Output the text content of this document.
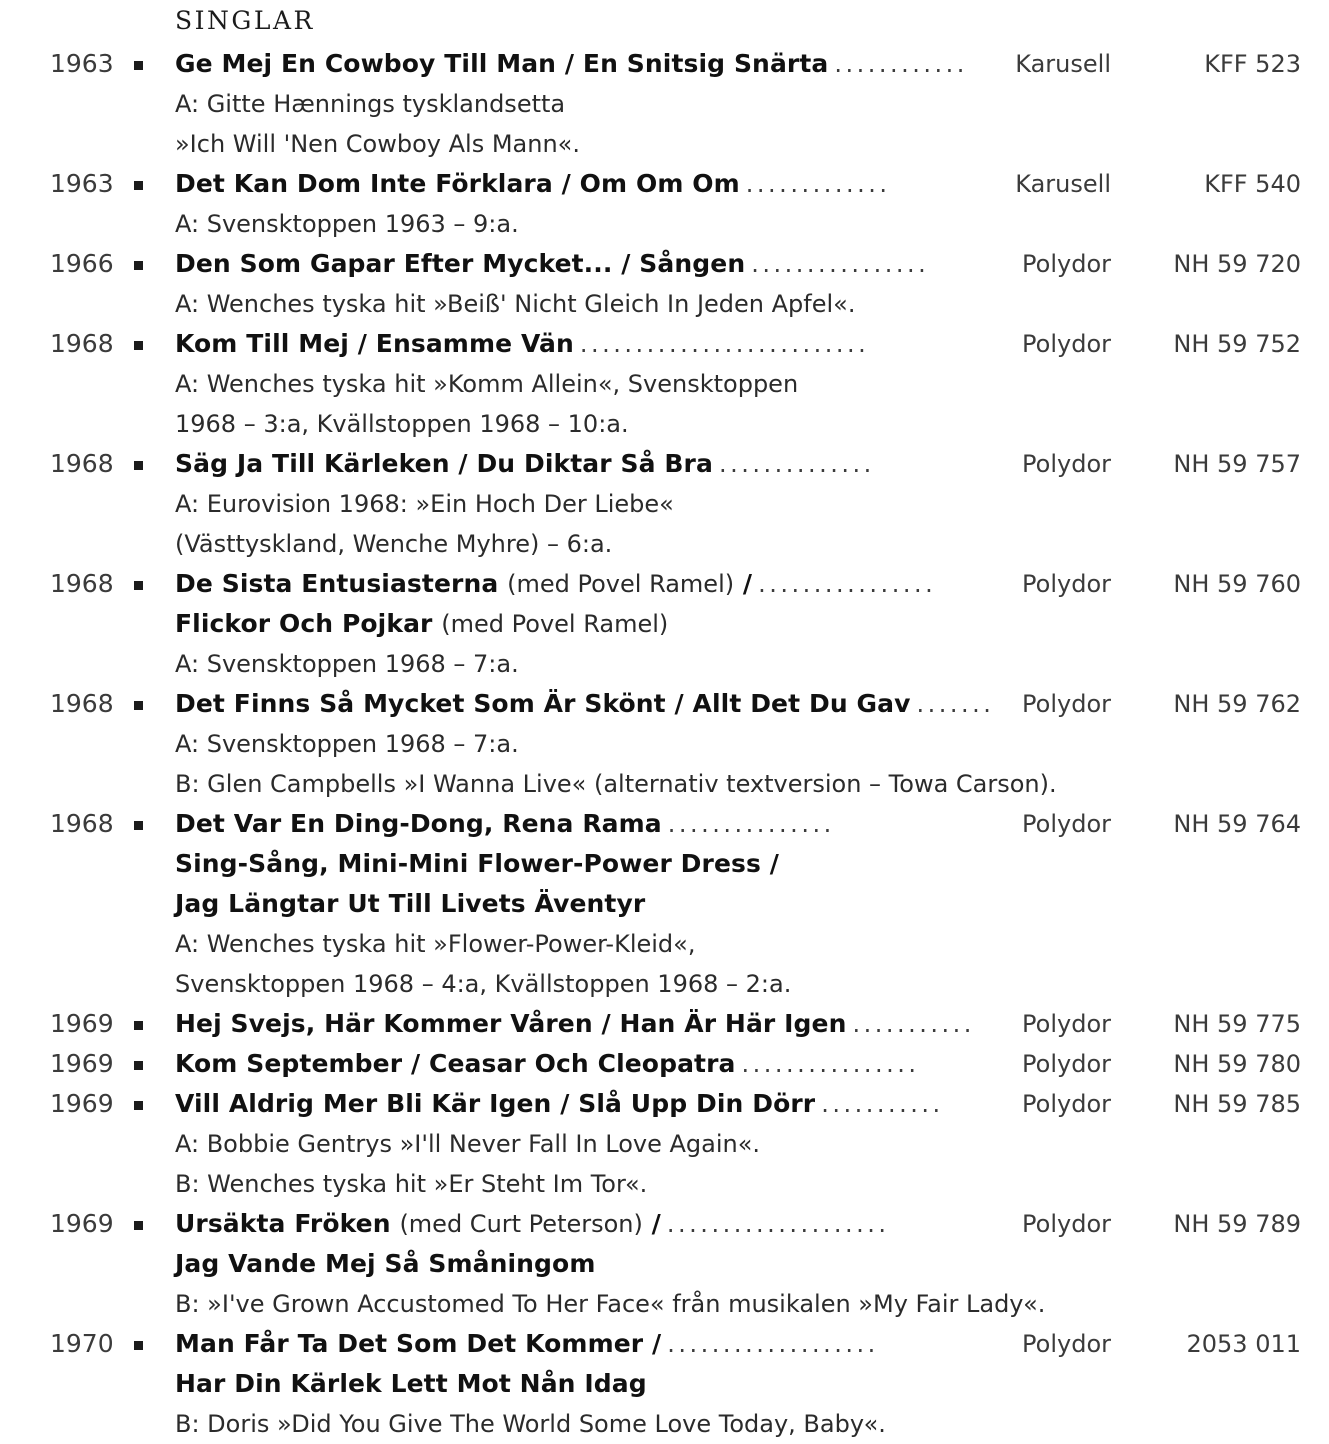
SINGLAR
1963	Ge Mej En Cowboy Till Man / En Snitsig Snärta ............	Karusell	KFF 523
A: Gitte Hænnings tysklandsetta
»Ich Will 'Nen Cowboy Als Mann«.
1963	Det Kan Dom Inte Förklara / Om Om Om .............	Karusell	KFF 540
A: Svensktoppen 1963 – 9:a.
1966	Den Som Gapar Efter Mycket... / Sången ................	Polydor	NH 59 720
A: Wenches tyska hit »Beiß' Nicht Gleich In Jeden Apfel«.
1968	Kom Till Mej / Ensamme Vän ..........................	Polydor	NH 59 752
A: Wenches tyska hit »Komm Allein«, Svensktoppen
1968 – 3:a, Kvällstoppen 1968 – 10:a.
1968	Säg Ja Till Kärleken / Du Diktar Så Bra ..............	Polydor	NH 59 757
A: Eurovision 1968: »Ein Hoch Der Liebe«
(Västtyskland, Wenche Myhre) – 6:a.
1968	De Sista Entusiasterna (med Povel Ramel) / ................	Polydor	NH 59 760
Flickor Och Pojkar (med Povel Ramel)
A: Svensktoppen 1968 – 7:a.
1968	Det Finns Så Mycket Som Är Skönt / Allt Det Du Gav .......	Polydor	NH 59 762
A: Svensktoppen 1968 – 7:a.
B: Glen Campbells »I Wanna Live« (alternativ textversion – Towa Carson).
1968	Det Var En Ding-Dong, Rena Rama ...............	Polydor	NH 59 764
Sing-Sång, Mini-Mini Flower-Power Dress /
Jag Längtar Ut Till Livets Äventyr
A: Wenches tyska hit »Flower-Power-Kleid«,
Svensktoppen 1968 – 4:a, Kvällstoppen 1968 – 2:a.
1969	Hej Svejs, Här Kommer Våren / Han Är Här Igen ...........	Polydor	NH 59 775
1969	Kom September / Ceasar Och Cleopatra ................	Polydor	NH 59 780
1969	Vill Aldrig Mer Bli Kär Igen / Slå Upp Din Dörr ...........	Polydor	NH 59 785
A: Bobbie Gentrys »I'll Never Fall In Love Again«.
B: Wenches tyska hit »Er Steht Im Tor«.
1969	Ursäkta Fröken (med Curt Peterson) / ....................	Polydor	NH 59 789
Jag Vande Mej Så Småningom
B: »I've Grown Accustomed To Her Face« från musikalen »My Fair Lady«.
1970	Man Får Ta Det Som Det Kommer / ...................	Polydor	2053 011
Har Din Kärlek Lett Mot Nån Idag
B: Doris »Did You Give The World Some Love Today, Baby«.
